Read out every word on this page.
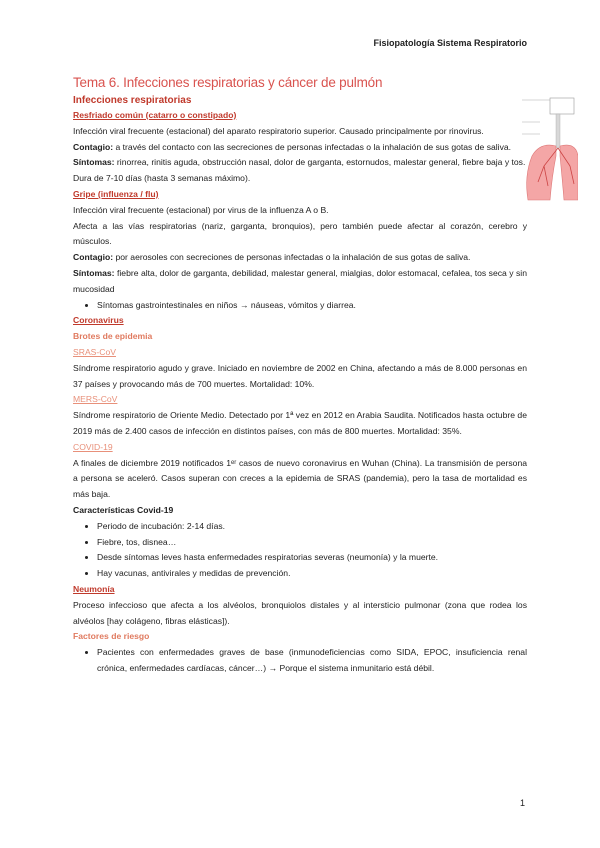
Fisiopatología Sistema Respiratorio
Tema 6. Infecciones respiratorias y cáncer de pulmón
Infecciones respiratorias
Resfriado común (catarro o constipado)

Infección viral frecuente (estacional) del aparato respiratorio superior. Causado principalmente por rinovirus.

Contagio: a través del contacto con las secreciones de personas infectadas o la inhalación de sus gotas de saliva.

Síntomas: rinorrea, rinitis aguda, obstrucción nasal, dolor de garganta, estornudos, malestar general, fiebre baja y tos.

Dura de 7-10 días (hasta 3 semanas máximo).

Gripe (influenza / flu)

Infección viral frecuente (estacional) por virus de la influenza A o B.

Afecta a las vías respiratorias (nariz, garganta, bronquios), pero también puede afectar al corazón, cerebro y músculos.

Contagio: por aerosoles con secreciones de personas infectadas o la inhalación de sus gotas de saliva.

Síntomas: fiebre alta, dolor de garganta, debilidad, malestar general, mialgias, dolor estomacal, cefalea, tos seca y sin mucosidad

• Síntomas gastrointestinales en niños → náuseas, vómitos y diarrea.
Coronavirus
Brotes de epidemia
SRAS-CoV

Síndrome respiratorio agudo y grave. Iniciado en noviembre de 2002 en China, afectando a más de 8.000 personas en 37 países y provocando más de 700 muertes. Mortalidad: 10%.

MERS-CoV

Síndrome respiratorio de Oriente Medio. Detectado por 1ª vez en 2012 en Arabia Saudita. Notificados hasta octubre de 2019 más de 2.400 casos de infección en distintos países, con más de 800 muertes. Mortalidad: 35%.

COVID-19

A finales de diciembre 2019 notificados 1ᵉʳ casos de nuevo coronavirus en Wuhan (China). La transmisión de persona a persona se aceleró. Casos superan con creces a la epidemia de SRAS (pandemia), pero la tasa de mortalidad es más baja.

Características Covid-19
• Periodo de incubación: 2-14 días.
• Fiebre, tos, disnea…
• Desde síntomas leves hasta enfermedades respiratorias severas (neumonía) y la muerte.
• Hay vacunas, antivirales y medidas de prevención.
Neumonía

Proceso infeccioso que afecta a los alvéolos, bronquiolos distales y al intersticio pulmonar (zona que rodea los alvéolos [hay colágeno, fibras elásticas]).

Factores de riesgo
• Pacientes con enfermedades graves de base (inmunodeficiencias como SIDA, EPOC, insuficiencia renal crónica, enfermedades cardíacas, cáncer…) → Porque el sistema inmunitario está débil.
1
